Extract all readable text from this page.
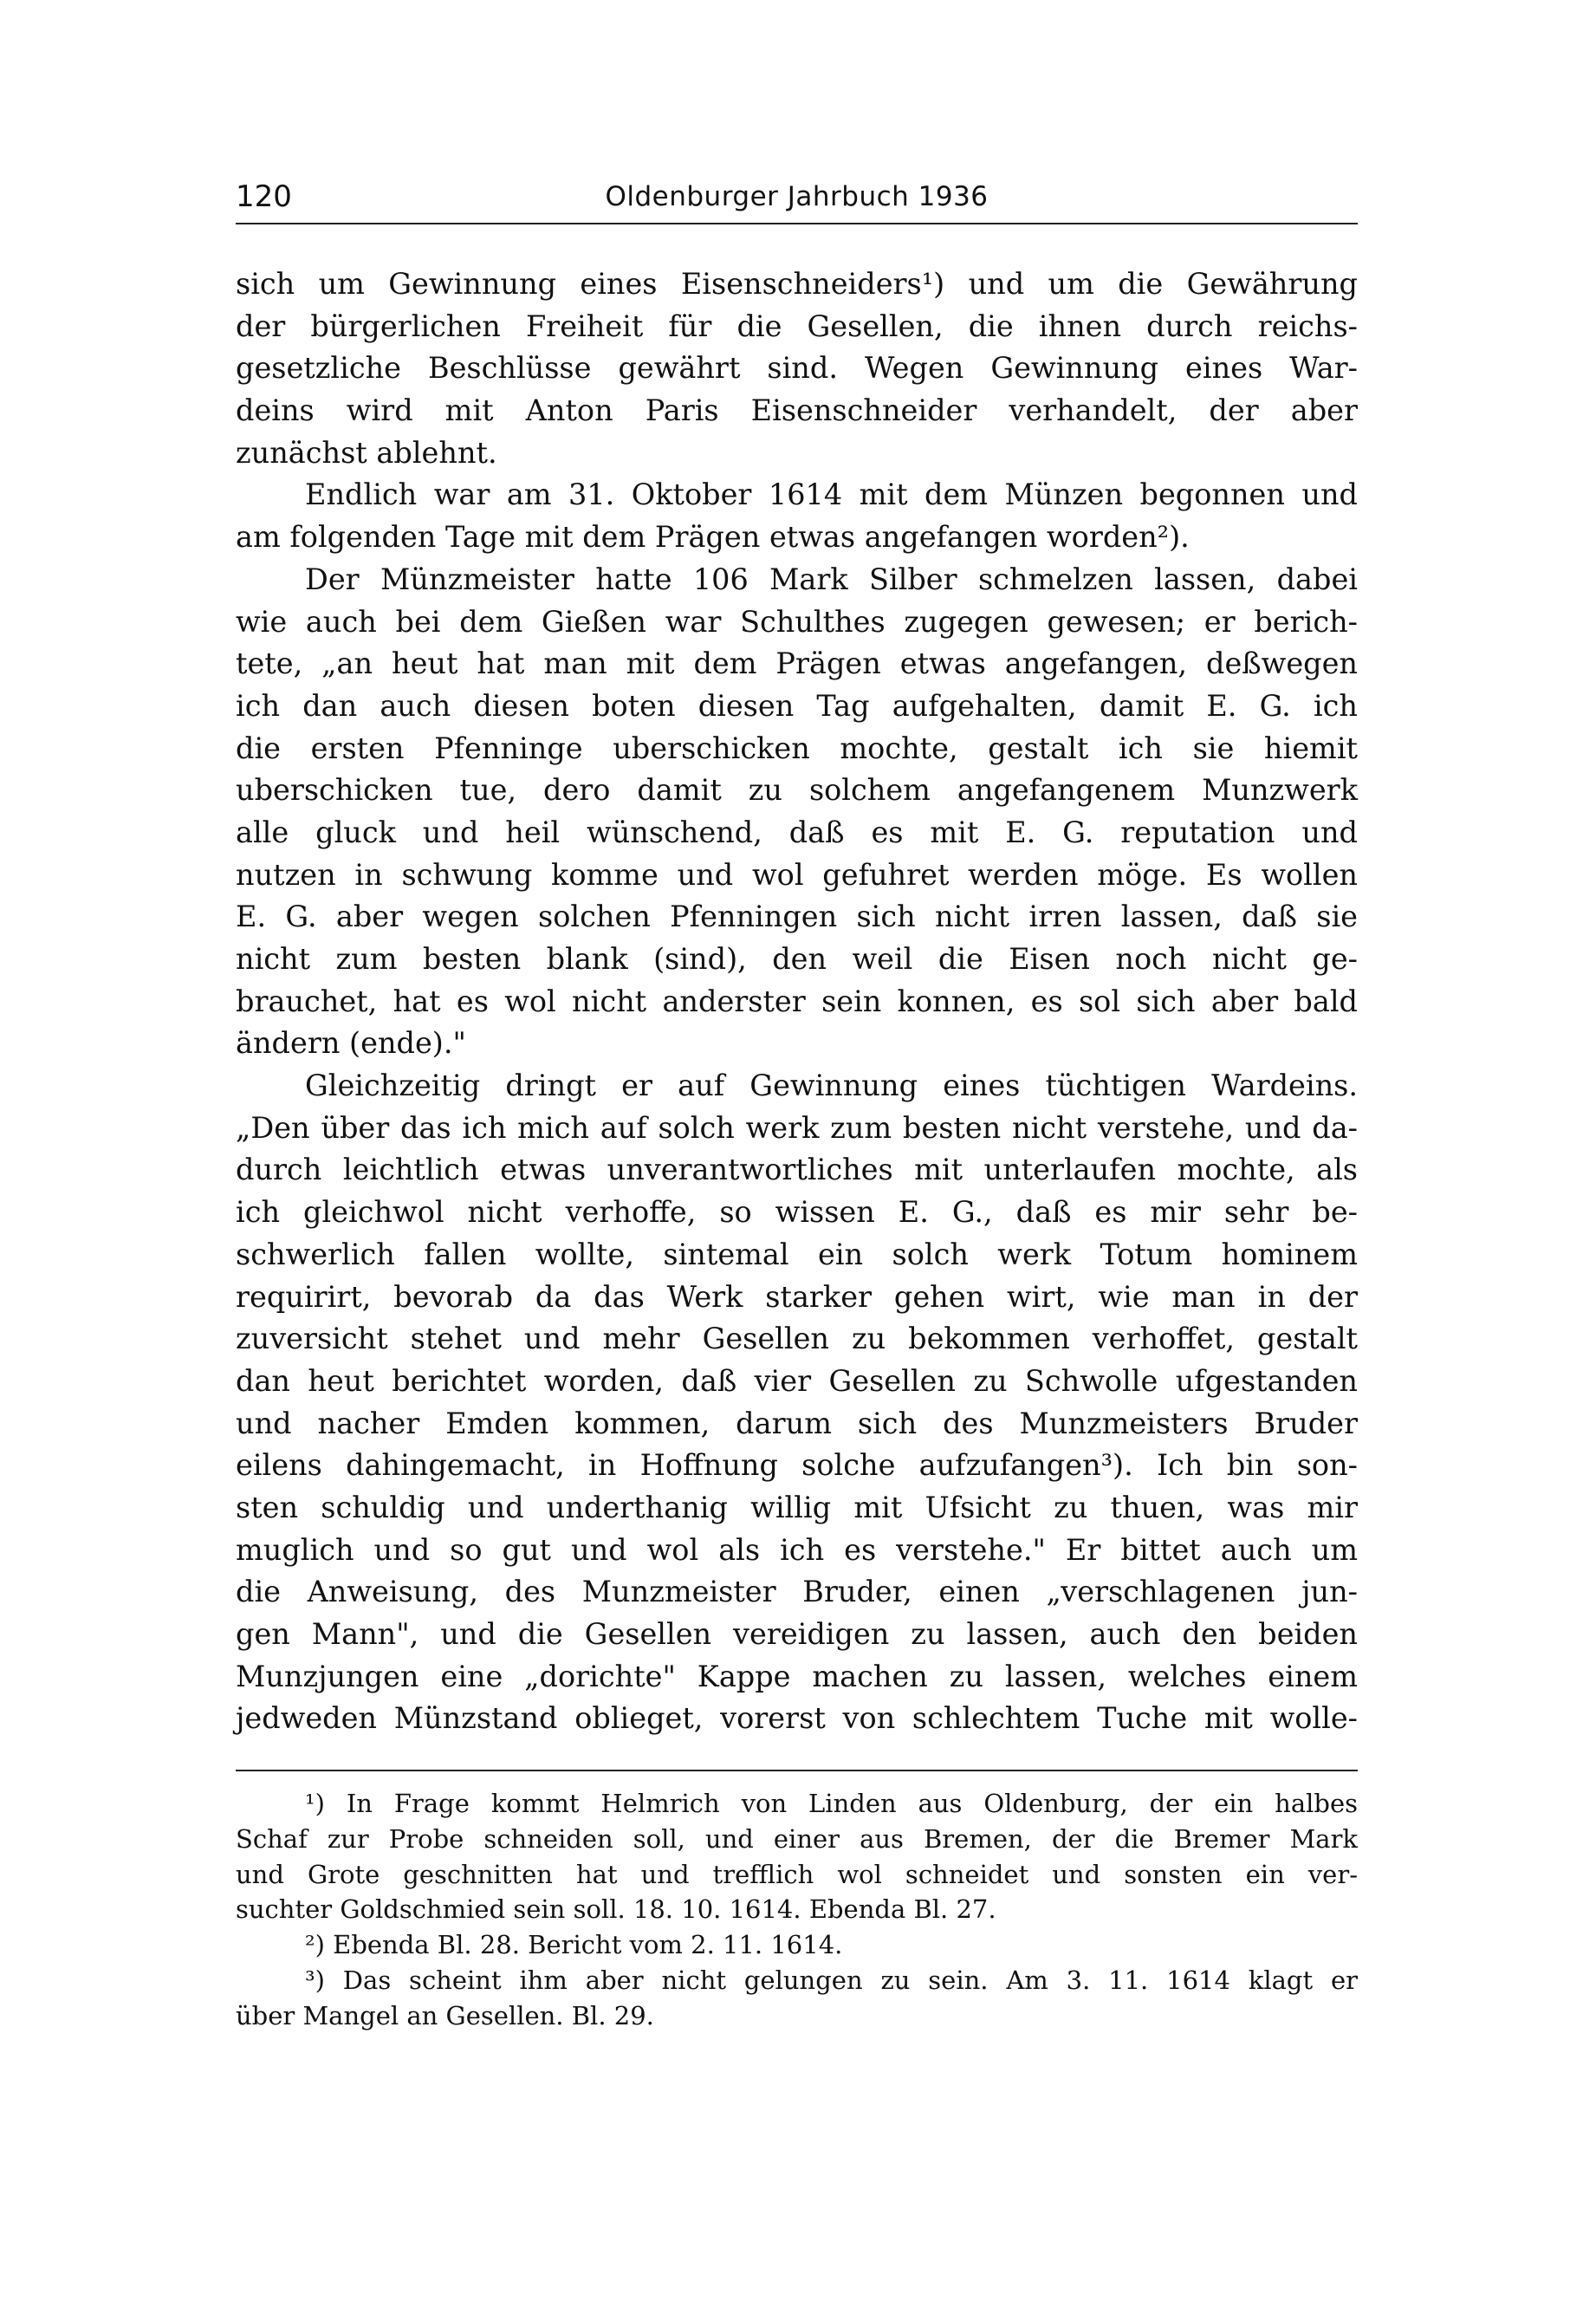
120	Oldenburger Jahrbuch 1936
sich um Gewinnung eines Eisenschneiders¹) und um die Gewährung
der bürgerlichen Freiheit für die Gesellen, die ihnen durch reichs-
gesetzliche Beschlüsse gewährt sind. Wegen Gewinnung eines War-
deins wird mit Anton Paris Eisenschneider verhandelt, der aber
zunächst ablehnt.
Endlich war am 31. Oktober 1614 mit dem Münzen begonnen und
am folgenden Tage mit dem Prägen etwas angefangen worden²).
Der Münzmeister hatte 106 Mark Silber schmelzen lassen, dabei
wie auch bei dem Gießen war Schulthes zugegen gewesen; er berich-
tete, „an heut hat man mit dem Prägen etwas angefangen, deßwegen
ich dan auch diesen boten diesen Tag aufgehalten, damit E. G. ich
die ersten Pfenninge uberschicken mochte, gestalt ich sie hiemit
uberschicken tue, dero damit zu solchem angefangenem Munzwerk
alle gluck und heil wünschend, daß es mit E. G. reputation und
nutzen in schwung komme und wol gefuhret werden möge. Es wollen
E. G. aber wegen solchen Pfenningen sich nicht irren lassen, daß sie
nicht zum besten blank (sind), den weil die Eisen noch nicht ge-
brauchet, hat es wol nicht anderster sein konnen, es sol sich aber bald
ändern (ende)."
Gleichzeitig dringt er auf Gewinnung eines tüchtigen Wardeins.
„Den über das ich mich auf solch werk zum besten nicht verstehe, und da-
durch leichtlich etwas unverantwortliches mit unterlaufen mochte, als
ich gleichwol nicht verhoffe, so wissen E. G., daß es mir sehr be-
schwerlich fallen wollte, sintemal ein solch werk Totum hominem
requirirt, bevorab da das Werk starker gehen wirt, wie man in der
zuversicht stehet und mehr Gesellen zu bekommen verhoffet, gestalt
dan heut berichtet worden, daß vier Gesellen zu Schwolle ufgestanden
und nacher Emden kommen, darum sich des Munzmeisters Bruder
eilens dahingemacht, in Hoffnung solche aufzufangen³). Ich bin son-
sten schuldig und underthanig willig mit Ufsicht zu thuen, was mir
muglich und so gut und wol als ich es verstehe." Er bittet auch um
die Anweisung, des Munzmeister Bruder, einen „verschlagenen jun-
gen Mann", und die Gesellen vereidigen zu lassen, auch den beiden
Munzjungen eine „dorichte" Kappe machen zu lassen, welches einem
jedweden Münzstand oblieget, vorerst von schlechtem Tuche mit wolle-
¹) In Frage kommt Helmrich von Linden aus Oldenburg, der ein halbes
Schaf zur Probe schneiden soll, und einer aus Bremen, der die Bremer Mark
und Grote geschnitten hat und trefflich wol schneidet und sonsten ein ver-
suchter Goldschmied sein soll. 18. 10. 1614. Ebenda Bl. 27.
²) Ebenda Bl. 28. Bericht vom 2. 11. 1614.
³) Das scheint ihm aber nicht gelungen zu sein. Am 3. 11. 1614 klagt er
über Mangel an Gesellen. Bl. 29.
